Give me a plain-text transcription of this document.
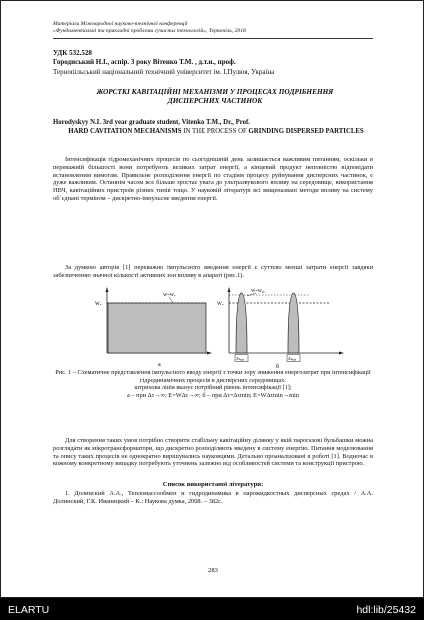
Матеріали Міжнародної науково-технічної конференції
«Фундаментальні та прикладні проблеми сучасних технологій», Тернопіль, 2018
УДК 532.528
Городиський Н.І., аспір. 3 року Вітенко Т.М. , д.т.н., проф.
Тернопільський національний технічний університет ім. І.Пулюя, Україна
ЖОРСТКІ КАВІТАЦІЙНІ МЕХАНІЗМИ У ПРОЦЕСАХ ПОДРІБНЕННЯ ДИСПЕРСНИХ ЧАСТИНОК
Horodyskyy N.I. 3rd year graduate student, Vitenko T.M., Dr., Prof.
HARD CAVITATION MECHANISMS IN THE PROCESS OF GRINDING DISPERSED PARTICLES

Інтенсифікація гідромеханічних процесів по сьогоднішній день залишається важливим питанням, оскільки в переважній більшості вони потребують великих затрат енергії, а кінцевий продукт неповністю відповідати встановленим вимогам. Правильне розподілення енергії по стадіям процесу руйнування дисперсних частинок, є дуже важливим. Останнім часом все більше зростає увага до ультразвукового впливу на середовище, використання НВЧ, кавітаційних пристроїв різних типів тощо. У науковій літературі всі вищеназвані методи впливу на систему об`єднані терміном – дискретно-імпульсне введення енергії.

За думкою авторів [1] переважно імпульсного введення енергії є суттєво менші затрати енергії завдяки забезпеченню значної кількості активних зон впливу в апараті (рис.1).

$W_*$
$W=W_*$
а
$W_*$
$W=W_m$
Δτmin	Δτmin
б
Рис. 1 – Схематичне представлення імпульсного вводу енергії з точки зору зниження енергозатрат при інтенсифікації гідродинамічних процесів в дисперсних середовищах:
штрихова лінія вказує потрібний рівень інтенсифікації [1];
а – при Δτ→∞; E=WΔτ→∞; б – при Δτ=Δτmin; E=WΔτmin→min

Для створення таких умов потрібно створити стабільну кавітаційну ділянку у якій парогазові бульбашки можна розглядати як мікротрансформатори, що дискретно розподіляють введену в систему енергію. Питання моделювання та опису таких процесів не однократно вирішувались науковцями. Детально проаналізовані в роботі [1]. Водночас в кожному конкретному випадку потребують уточнень залежно від особливостей системи та конструкції пристрою.

Список використаної літератури:

1. Долинский А.А., Тепломассообмен и гидродинамика в парожидкостных дисперсных средах / А.А. Долинский, Г.К. Иваницкий – К.: Наукова думка, 2008. – 382с.

283
ELARTU	hdl:lib/25432
